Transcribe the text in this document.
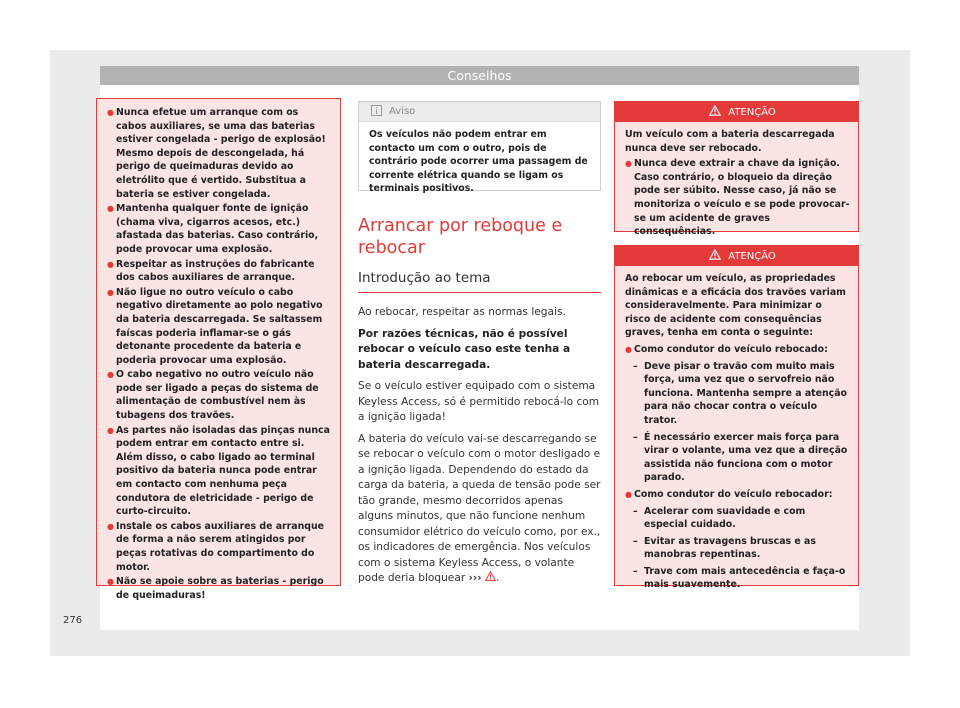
Conselhos
● Nunca efetue um arranque com os cabos auxiliares, se uma das baterias estiver congelada - perigo de explosão! Mesmo depois de descongelada, há perigo de queimaduras devido ao eletrólito que é vertido. Substitua a bateria se estiver congelada.
● Mantenha qualquer fonte de ignição (chama viva, cigarros acesos, etc.) afastada das baterias. Caso contrário, pode provocar uma explosão.
● Respeitar as instruções do fabricante dos cabos auxiliares de arranque.
● Não ligue no outro veículo o cabo negativo diretamente ao polo negativo da bateria descarregada. Se saltassem faíscas poderia inflamar-se o gás detonante procedente da bateria e poderia provocar uma explosão.
● O cabo negativo no outro veículo não pode ser ligado a peças do sistema de alimentação de combustível nem às tubagens dos travões.
● As partes não isoladas das pinças nunca podem entrar em contacto entre si. Além disso, o cabo ligado ao terminal positivo da bateria nunca pode entrar em contacto com nenhuma peça condutora de eletricidade - perigo de curto-circuito.
● Instale os cabos auxiliares de arranque de forma a não serem atingidos por peças rotativas do compartimento do motor.
● Não se apoie sobre as baterias - perigo de queimaduras!
Aviso
Os veículos não podem entrar em contacto um com o outro, pois de contrário pode ocorrer uma passagem de corrente elétrica quando se ligam os terminais positivos.
Arrancar por reboque e rebocar
Introdução ao tema

Ao rebocar, respeitar as normas legais.

Por razões técnicas, não é possível rebocar o veículo caso este tenha a bateria descarregada.

Se o veículo estiver equipado com o sistema Keyless Access, só é permitido rebocá-lo com a ignição ligada!

A bateria do veículo vai-se descarregando se se rebocar o veículo com o motor desligado e a ignição ligada. Dependendo do estado da carga da bateria, a queda de tensão pode ser tão grande, mesmo decorridos apenas alguns minutos, que não funcione nenhum consumidor elétrico do veículo como, por ex., os indicadores de emergência. Nos veículos com o sistema Keyless Access, o volante pode deria bloquear ››› .

ATENÇÃO
Um veículo com a bateria descarregada nunca deve ser rebocado.
● Nunca deve extrair a chave da ignição. Caso contrário, o bloqueio da direção pode ser súbito. Nesse caso, já não se monitoriza o veículo e se pode provocar-se um acidente de graves consequências.
ATENÇÃO
Ao rebocar um veículo, as propriedades dinâmicas e a eficácia dos travões variam consideravelmente. Para minimizar o risco de acidente com consequências graves, tenha em conta o seguinte:
● Como condutor do veículo rebocado:
– Deve pisar o travão com muito mais força, uma vez que o servofreio não funciona. Mantenha sempre a atenção para não chocar contra o veículo trator.
– É necessário exercer mais força para virar o volante, uma vez que a direção assistida não funciona com o motor parado.
● Como condutor do veículo rebocador:
– Acelerar com suavidade e com especial cuidado.
– Evitar as travagens bruscas e as manobras repentinas.
– Trave com mais antecedência e faça-o mais suavemente.
276
